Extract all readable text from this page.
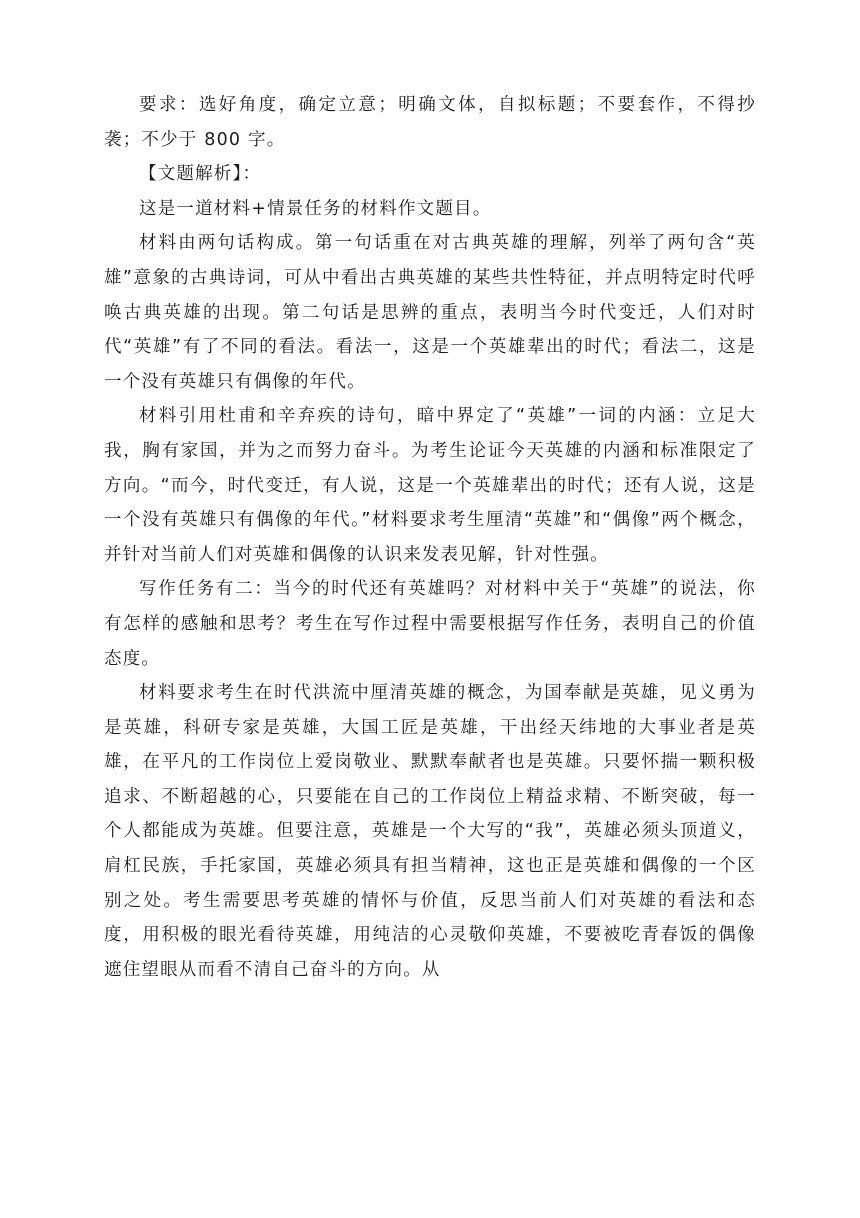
要求：选好角度，确定立意；明确文体，自拟标题；不要套作，不得抄袭；不少于 800 字。

【文题解析】：

这是一道材料+情景任务的材料作文题目。

材料由两句话构成。第一句话重在对古典英雄的理解，列举了两句含“英雄”意象的古典诗词，可从中看出古典英雄的某些共性特征，并点明特定时代呼唤古典英雄的出现。第二句话是思辨的重点，表明当今时代变迁，人们对时代“英雄”有了不同的看法。看法一，这是一个英雄辈出的时代；看法二，这是一个没有英雄只有偶像的年代。

材料引用杜甫和辛弃疾的诗句，暗中界定了“英雄”一词的内涵：立足大我，胸有家国，并为之而努力奋斗。为考生论证今天英雄的内涵和标准限定了方向。“而今，时代变迁，有人说，这是一个英雄辈出的时代；还有人说，这是一个没有英雄只有偶像的年代。”材料要求考生厘清“英雄”和“偶像”两个概念，并针对当前人们对英雄和偶像的认识来发表见解，针对性强。

写作任务有二：当今的时代还有英雄吗？对材料中关于“英雄”的说法，你有怎样的感触和思考？考生在写作过程中需要根据写作任务，表明自己的价值态度。

材料要求考生在时代洪流中厘清英雄的概念，为国奉献是英雄，见义勇为是英雄，科研专家是英雄，大国工匠是英雄，干出经天纬地的大事业者是英雄，在平凡的工作岗位上爱岗敬业、默默奉献者也是英雄。只要怀揣一颗积极追求、不断超越的心，只要能在自己的工作岗位上精益求精、不断突破，每一个人都能成为英雄。但要注意，英雄是一个大写的“我”，英雄必须头顶道义，肩杠民族，手托家国，英雄必须具有担当精神，这也正是英雄和偶像的一个区别之处。考生需要思考英雄的情怀与价值，反思当前人们对英雄的看法和态度，用积极的眼光看待英雄，用纯洁的心灵敬仰英雄，不要被吃青春饭的偶像遮住望眼从而看不清自己奋斗的方向。从
